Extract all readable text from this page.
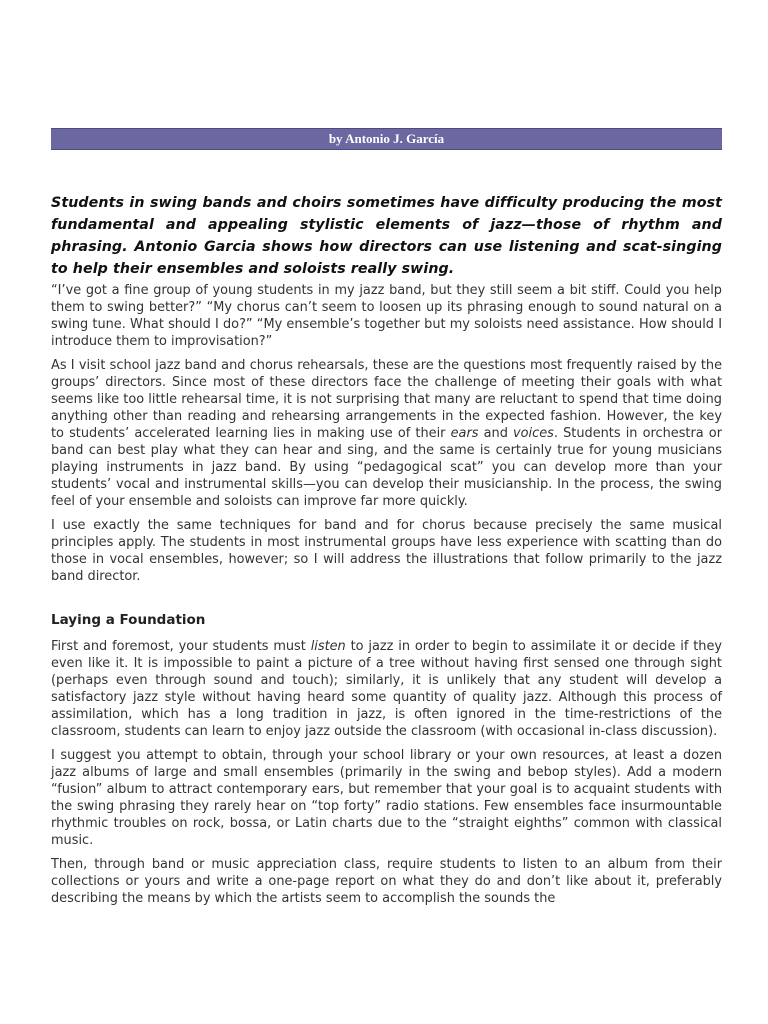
by Antonio J. García
Students in swing bands and choirs sometimes have difficulty producing the most fundamental and appealing stylistic elements of jazz—those of rhythm and phrasing. Antonio Garcia shows how directors can use listening and scat-singing to help their ensembles and soloists really swing.

“I’ve got a fine group of young students in my jazz band, but they still seem a bit stiff. Could you help them to swing better?” “My chorus can’t seem to loosen up its phrasing enough to sound natural on a swing tune. What should I do?” “My ensemble’s together but my soloists need assistance. How should I introduce them to improvisation?”

As I visit school jazz band and chorus rehearsals, these are the questions most frequently raised by the groups’ directors. Since most of these directors face the challenge of meeting their goals with what seems like too little rehearsal time, it is not surprising that many are reluctant to spend that time doing anything other than reading and rehearsing arrangements in the expected fashion. However, the key to students’ accelerated learning lies in making use of their ears and voices. Students in orchestra or band can best play what they can hear and sing, and the same is certainly true for young musicians playing instruments in jazz band. By using “pedagogical scat” you can develop more than your students’ vocal and instrumental skills—you can develop their musicianship. In the process, the swing feel of your ensemble and soloists can improve far more quickly.

I use exactly the same techniques for band and for chorus because precisely the same musical principles apply. The students in most instrumental groups have less experience with scatting than do those in vocal ensembles, however; so I will address the illustrations that follow primarily to the jazz band director.

Laying a Foundation

First and foremost, your students must listen to jazz in order to begin to assimilate it or decide if they even like it. It is impossible to paint a picture of a tree without having first sensed one through sight (perhaps even through sound and touch); similarly, it is unlikely that any student will develop a satisfactory jazz style without having heard some quantity of quality jazz. Although this process of assimilation, which has a long tradition in jazz, is often ignored in the time-restrictions of the classroom, students can learn to enjoy jazz outside the classroom (with occasional in-class discussion).

I suggest you attempt to obtain, through your school library or your own resources, at least a dozen jazz albums of large and small ensembles (primarily in the swing and bebop styles). Add a modern “fusion” album to attract contemporary ears, but remember that your goal is to acquaint students with the swing phrasing they rarely hear on “top forty” radio stations. Few ensembles face insurmountable rhythmic troubles on rock, bossa, or Latin charts due to the “straight eighths” common with classical music.

Then, through band or music appreciation class, require students to listen to an album from their collections or yours and write a one-page report on what they do and don’t like about it, preferably describing the means by which the artists seem to accomplish the sounds the
